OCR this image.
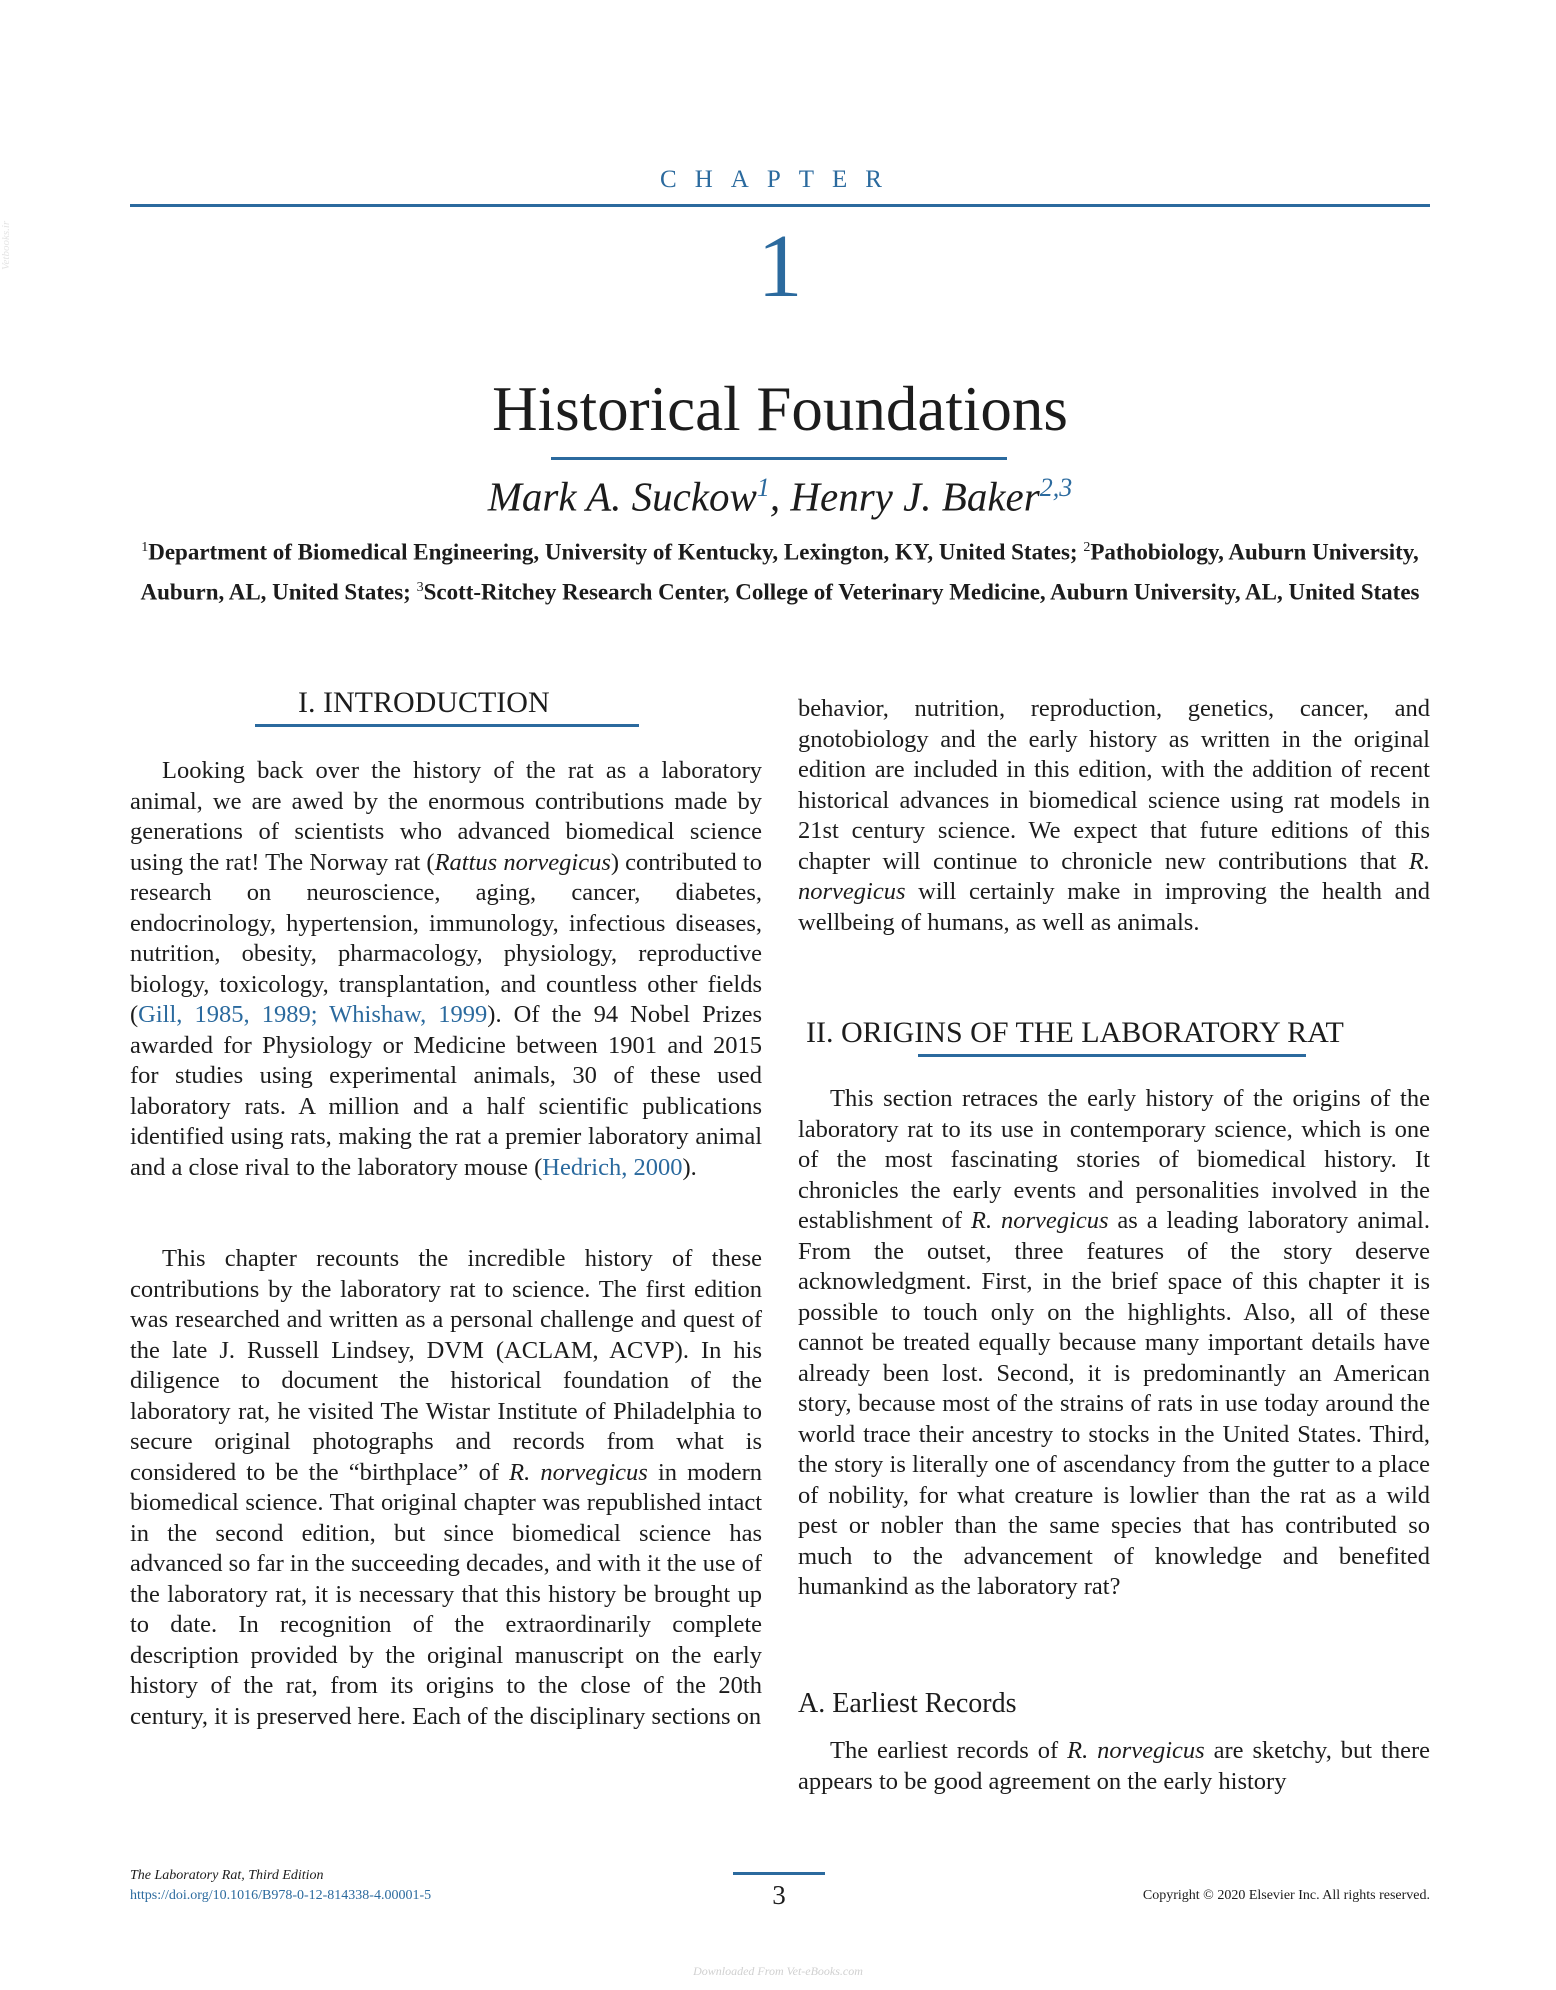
Vetbooks.ir
CHAPTER
1
Historical Foundations
Mark A. Suckow$^1$, Henry J. Baker$^{2,3}$
$^1$Department of Biomedical Engineering, University of Kentucky, Lexington, KY, United States; $^2$Pathobiology, Auburn University, Auburn, AL, United States; $^3$Scott-Ritchey Research Center, College of Veterinary Medicine, Auburn University, AL, United States
I. INTRODUCTION

Looking back over the history of the rat as a laboratory animal, we are awed by the enormous contributions made by generations of scientists who advanced biomedical science using the rat! The Norway rat (Rattus norvegicus) contributed to research on neuroscience, aging, cancer, diabetes, endocrinology, hypertension, immunology, infectious diseases, nutrition, obesity, pharmacology, physiology, reproductive biology, toxicology, transplantation, and countless other fields (Gill, 1985, 1989; Whishaw, 1999). Of the 94 Nobel Prizes awarded for Physiology or Medicine between 1901 and 2015 for studies using experimental animals, 30 of these used laboratory rats. A million and a half scientific publications identified using rats, making the rat a premier laboratory animal and a close rival to the laboratory mouse (Hedrich, 2000).

This chapter recounts the incredible history of these contributions by the laboratory rat to science. The first edition was researched and written as a personal challenge and quest of the late J. Russell Lindsey, DVM (ACLAM, ACVP). In his diligence to document the historical foundation of the laboratory rat, he visited The Wistar Institute of Philadelphia to secure original photographs and records from what is considered to be the “birthplace” of R. norvegicus in modern biomedical science. That original chapter was republished intact in the second edition, but since biomedical science has advanced so far in the succeeding decades, and with it the use of the laboratory rat, it is necessary that this history be brought up to date. In recognition of the extraordinarily complete description provided by the original manuscript on the early history of the rat, from its origins to the close of the 20th century, it is preserved here. Each of the disciplinary sections on

behavior, nutrition, reproduction, genetics, cancer, and gnotobiology and the early history as written in the original edition are included in this edition, with the addition of recent historical advances in biomedical science using rat models in 21st century science. We expect that future editions of this chapter will continue to chronicle new contributions that R. norvegicus will certainly make in improving the health and wellbeing of humans, as well as animals.

II. ORIGINS OF THE LABORATORY RAT

This section retraces the early history of the origins of the laboratory rat to its use in contemporary science, which is one of the most fascinating stories of biomedical history. It chronicles the early events and personalities involved in the establishment of R. norvegicus as a leading laboratory animal. From the outset, three features of the story deserve acknowledgment. First, in the brief space of this chapter it is possible to touch only on the highlights. Also, all of these cannot be treated equally because many important details have already been lost. Second, it is predominantly an American story, because most of the strains of rats in use today around the world trace their ancestry to stocks in the United States. Third, the story is literally one of ascendancy from the gutter to a place of nobility, for what creature is lowlier than the rat as a wild pest or nobler than the same species that has contributed so much to the advancement of knowledge and benefited humankind as the laboratory rat?

A. Earliest Records

The earliest records of R. norvegicus are sketchy, but there appears to be good agreement on the early history

The Laboratory Rat, Third Edition
https://doi.org/10.1016/B978-0-12-814338-4.00001-5	3	Copyright © 2020 Elsevier Inc. All rights reserved.
Downloaded From Vet-eBooks.com
